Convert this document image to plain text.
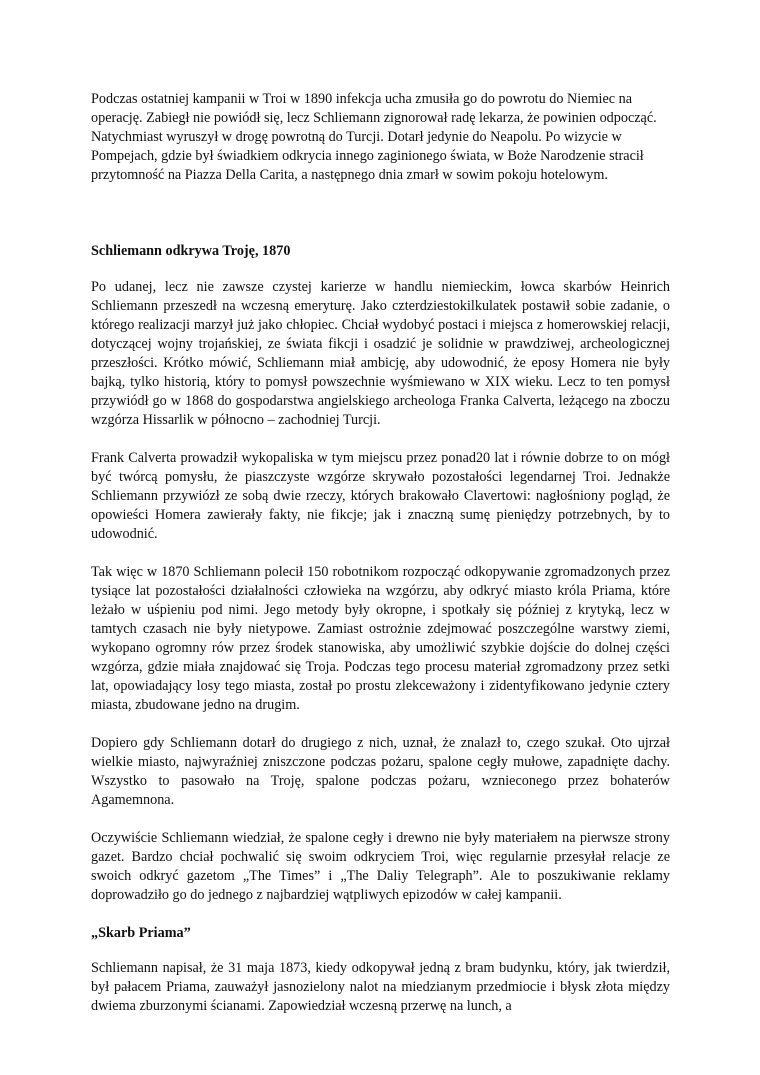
Podczas ostatniej kampanii w Troi w 1890 infekcja ucha zmusiła go do powrotu do Niemiec na operację. Zabiegł nie powiódł się, lecz Schliemann zignorował radę lekarza, że powinien odpocząć. Natychmiast wyruszył w drogę powrotną do Turcji. Dotarł jedynie do Neapolu. Po wizycie w Pompejach, gdzie był świadkiem odkrycia innego zaginionego świata, w Boże Narodzenie stracił przytomność na Piazza Della Carita, a następnego dnia zmarł w sowim pokoju hotelowym.

Schliemann odkrywa Troję, 1870

Po udanej, lecz nie zawsze czystej karierze w handlu niemieckim, łowca skarbów Heinrich Schliemann przeszedł na wczesną emeryturę. Jako czterdziestokilkulatek postawił sobie zadanie, o którego realizacji marzył już jako chłopiec. Chciał wydobyć postaci i miejsca z homerowskiej relacji, dotyczącej wojny trojańskiej, ze świata fikcji i osadzić je solidnie w prawdziwej, archeologicznej przeszłości. Krótko mówić, Schliemann miał ambicję, aby udowodnić, że eposy Homera nie były bajką, tylko historią, który to pomysł powszechnie wyśmiewano w XIX wieku. Lecz to ten pomysł przywiódł go w 1868 do gospodarstwa angielskiego archeologa Franka Calverta, leżącego na zboczu wzgórza Hissarlik w północno – zachodniej Turcji.

Frank Calverta prowadził wykopaliska w tym miejscu przez ponad20 lat i równie dobrze to on mógł być twórcą pomysłu, że piaszczyste wzgórze skrywało pozostałości legendarnej Troi. Jednakże Schliemann przywiózł ze sobą dwie rzeczy, których brakowało Clavertowi: nagłośniony pogląd, że opowieści Homera zawierały fakty, nie fikcje; jak i znaczną sumę pieniędzy potrzebnych, by to udowodnić.

Tak więc w 1870 Schliemann polecił 150 robotnikom rozpocząć odkopywanie zgromadzonych przez tysiące lat pozostałości działalności człowieka na wzgórzu, aby odkryć miasto króla Priama, które leżało w uśpieniu pod nimi. Jego metody były okropne, i spotkały się później z krytyką, lecz w tamtych czasach nie były nietypowe. Zamiast ostrożnie zdejmować poszczególne warstwy ziemi, wykopano ogromny rów przez środek stanowiska, aby umożliwić szybkie dojście do dolnej części wzgórza, gdzie miała znajdować się Troja. Podczas tego procesu materiał zgromadzony przez setki lat, opowiadający losy tego miasta, został po prostu zlekceważony i zidentyfikowano jedynie cztery miasta, zbudowane jedno na drugim.

Dopiero gdy Schliemann dotarł do drugiego z nich, uznał, że znalazł to, czego szukał. Oto ujrzał wielkie miasto, najwyraźniej zniszczone podczas pożaru, spalone cegły mułowe, zapadnięte dachy. Wszystko to pasowało na Troję, spalone podczas pożaru, wznieconego przez bohaterów Agamemnona.

Oczywiście Schliemann wiedział, że spalone cegły i drewno nie były materiałem na pierwsze strony gazet. Bardzo chciał pochwalić się swoim odkryciem Troi, więc regularnie przesyłał relacje ze swoich odkryć gazetom „The Times” i „The Daliy Telegraph”. Ale to poszukiwanie reklamy doprowadziło go do jednego z najbardziej wątpliwych epizodów w całej kampanii.

„Skarb Priama”

Schliemann napisał, że 31 maja 1873, kiedy odkopywał jedną z bram budynku, który, jak twierdził, był pałacem Priama, zauważył jasnozielony nalot na miedzianym przedmiocie i błysk złota między dwiema zburzonymi ścianami. Zapowiedział wczesną przerwę na lunch, a
